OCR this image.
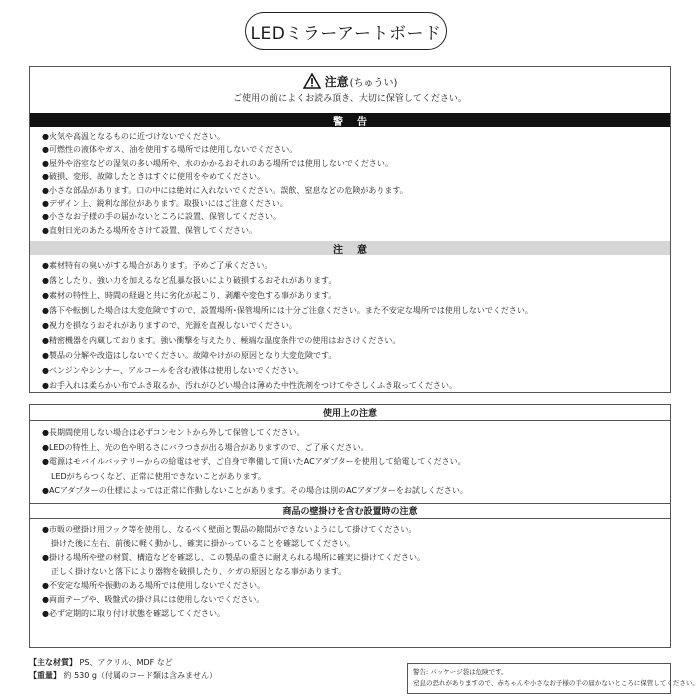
LEDミラーアートボード
注意 (ちゅうい)
ご使用の前によくお読み頂き、大切に保管してください。
警告
●火気や高温となるものに近づけないでください。
●可燃性の液体やガス、油を使用する場所では使用しないでください。
●屋外や浴室などの湿気の多い場所や、水のかかるおそれのある場所では使用しないでください。
●破損、変形、故障したときはすぐに使用をやめてください。
●小さな部品があります。口の中には絶対に入れないでください。誤飲、窒息などの危険があります。
●デザイン上、鋭利な部位があります。取扱いにはご注意ください。
●小さなお子様の手の届かないところに設置、保管してください。
●直射日光のあたる場所をさけて設置、保管してください。
注意
●素材特有の臭いがする場合があります。予めご了承ください。
●落としたり、強い力を加えるなど乱暴な扱いにより破損するおそれがあります。
●素材の特性上、時間の経過と共に劣化が起こり、剥離や変色する事があります。
●落下や転倒した場合は大変危険ですので、設置場所･保管場所には十分ご注意ください。また不安定な場所では使用しないでください。
●視力を損なうおそれがありますので、光源を直視しないでください。
●精密機器を内蔵しております。強い衝撃を与えたり、極端な温度条件での使用はおさけください。
●製品の分解や改造はしないでください。故障やけがの原因となり大変危険です。
●ベンジンやシンナー、アルコールを含む液体は使用しないでください。
●お手入れは柔らかい布でふき取るか、汚れがひどい場合は薄めた中性洗剤をつけてやさしくふき取ってください。
使用上の注意
●長期間使用しない場合は必ずコンセントから外して保管してください。
●LEDの特性上、光の色や明るさにバラつきが出る場合がありますので、ご了承ください。
●電源はモバイルバッテリーからの給電はせず、ご自身で準備して頂いたACアダプターを使用して給電してください。
LEDがちらつくなど、正常に使用できないことがあります。
●ACアダプターの仕様によっては正常に作動しないことがあります。その場合は別のACアダプターをお試しください。
商品の壁掛けを含む設置時の注意
●市販の壁掛け用フック等を使用し、なるべく壁面と製品の隙間ができないようにして掛けてください。
掛けた後に左右、前後に軽く動かし、確実に掛かっていることを確認してください。
●掛ける場所や壁の材質、構造などを確認し、この製品の重さに耐えられる場所に確実に掛けてください。
正しく掛けないと落下により器物を破損したり、ケガの原因となる事があります。
●不安定な場所や振動のある場所では使用しないでください。
●両面テープや、吸盤式の掛け具には使用しないでください。
●必ず定期的に取り付け状態を確認してください。
【主な材質】 PS、アクリル、MDF など
【重量】 約 530 g（付属のコード類は含みません）	警告: パッケージ袋は危険です。
窒息の恐れがありますので、赤ちゃんや小さなお子様の手の届かないところに保管してください。
